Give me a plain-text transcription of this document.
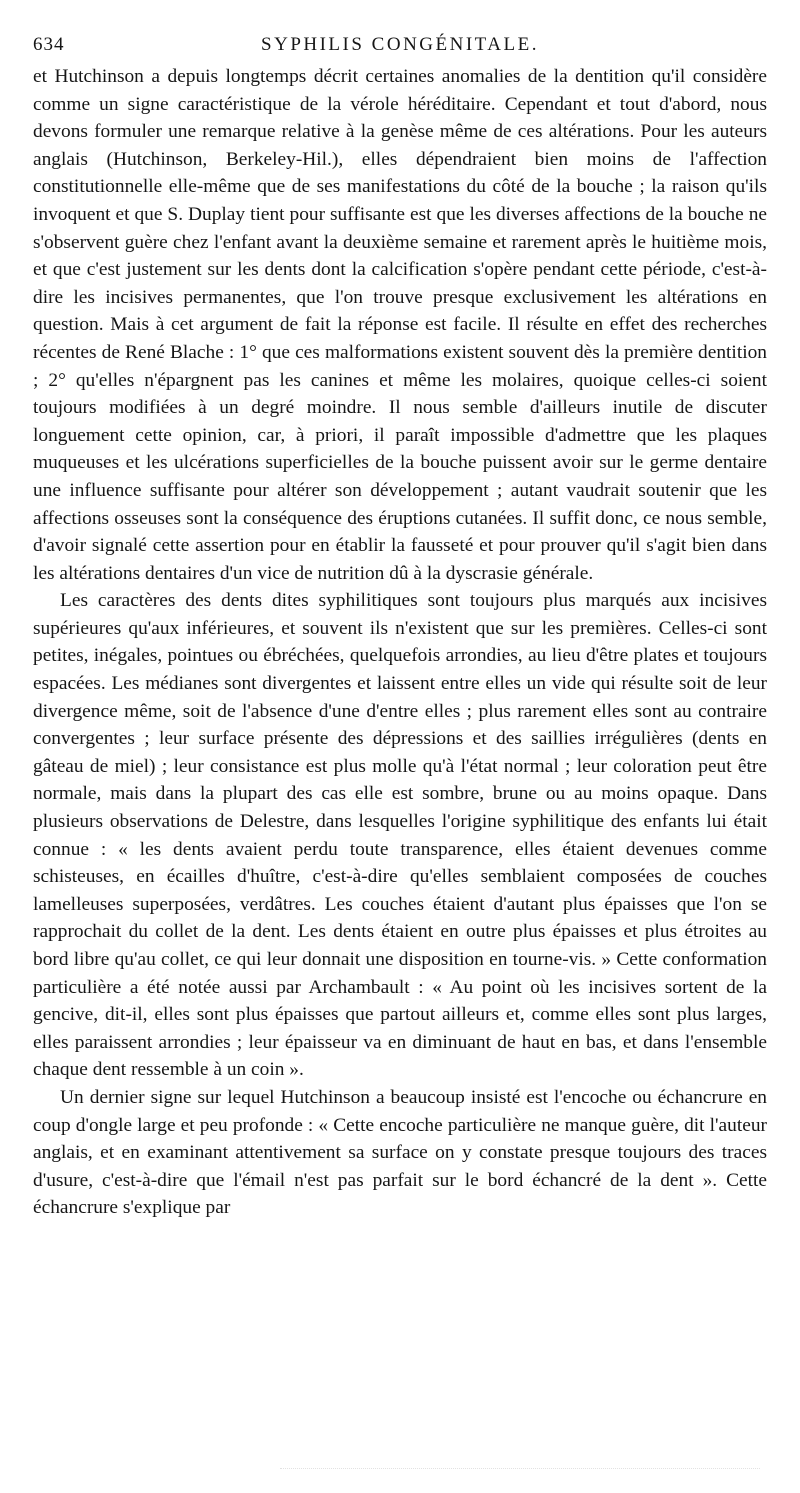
634	SYPHILIS CONGÉNITALE.

et Hutchinson a depuis longtemps décrit certaines anomalies de la dentition qu'il considère comme un signe caractéristique de la vérole héréditaire. Cependant et tout d'abord, nous devons formuler une remarque relative à la genèse même de ces altérations. Pour les auteurs anglais (Hutchinson, Berkeley-Hil.), elles dépendraient bien moins de l'affection constitutionnelle elle-même que de ses manifestations du côté de la bouche ; la raison qu'ils invoquent et que S. Duplay tient pour suffisante est que les diverses affections de la bouche ne s'observent guère chez l'enfant avant la deuxième semaine et rarement après le huitième mois, et que c'est justement sur les dents dont la calcification s'opère pendant cette période, c'est-à-dire les incisives permanentes, que l'on trouve presque exclusivement les altérations en question. Mais à cet argument de fait la réponse est facile. Il résulte en effet des recherches récentes de René Blache : 1° que ces malformations existent souvent dès la première dentition ; 2° qu'elles n'épargnent pas les canines et même les molaires, quoique celles-ci soient toujours modifiées à un degré moindre. Il nous semble d'ailleurs inutile de discuter longuement cette opinion, car, à priori, il paraît impossible d'admettre que les plaques muqueuses et les ulcérations superficielles de la bouche puissent avoir sur le germe dentaire une influence suffisante pour altérer son développement ; autant vaudrait soutenir que les affections osseuses sont la conséquence des éruptions cutanées. Il suffit donc, ce nous semble, d'avoir signalé cette assertion pour en établir la fausseté et pour prouver qu'il s'agit bien dans les altérations dentaires d'un vice de nutrition dû à la dyscrasie générale.

Les caractères des dents dites syphilitiques sont toujours plus marqués aux incisives supérieures qu'aux inférieures, et souvent ils n'existent que sur les premières. Celles-ci sont petites, inégales, pointues ou ébréchées, quelquefois arrondies, au lieu d'être plates et toujours espacées. Les médianes sont divergentes et laissent entre elles un vide qui résulte soit de leur divergence même, soit de l'absence d'une d'entre elles ; plus rarement elles sont au contraire convergentes ; leur surface présente des dépressions et des saillies irrégulières (dents en gâteau de miel) ; leur consistance est plus molle qu'à l'état normal ; leur coloration peut être normale, mais dans la plupart des cas elle est sombre, brune ou au moins opaque. Dans plusieurs observations de Delestre, dans lesquelles l'origine syphilitique des enfants lui était connue : « les dents avaient perdu toute transparence, elles étaient devenues comme schisteuses, en écailles d'huître, c'est-à-dire qu'elles semblaient composées de couches lamelleuses superposées, verdâtres. Les couches étaient d'autant plus épaisses que l'on se rapprochait du collet de la dent. Les dents étaient en outre plus épaisses et plus étroites au bord libre qu'au collet, ce qui leur donnait une disposition en tourne-vis. » Cette conformation particulière a été notée aussi par Archambault : « Au point où les incisives sortent de la gencive, dit-il, elles sont plus épaisses que partout ailleurs et, comme elles sont plus larges, elles paraissent arrondies ; leur épaisseur va en diminuant de haut en bas, et dans l'ensemble chaque dent ressemble à un coin ».

Un dernier signe sur lequel Hutchinson a beaucoup insisté est l'encoche ou échancrure en coup d'ongle large et peu profonde : « Cette encoche particulière ne manque guère, dit l'auteur anglais, et en examinant attentivement sa surface on y constate presque toujours des traces d'usure, c'est-à-dire que l'émail n'est pas parfait sur le bord échancré de la dent ». Cette échancrure s'explique par
